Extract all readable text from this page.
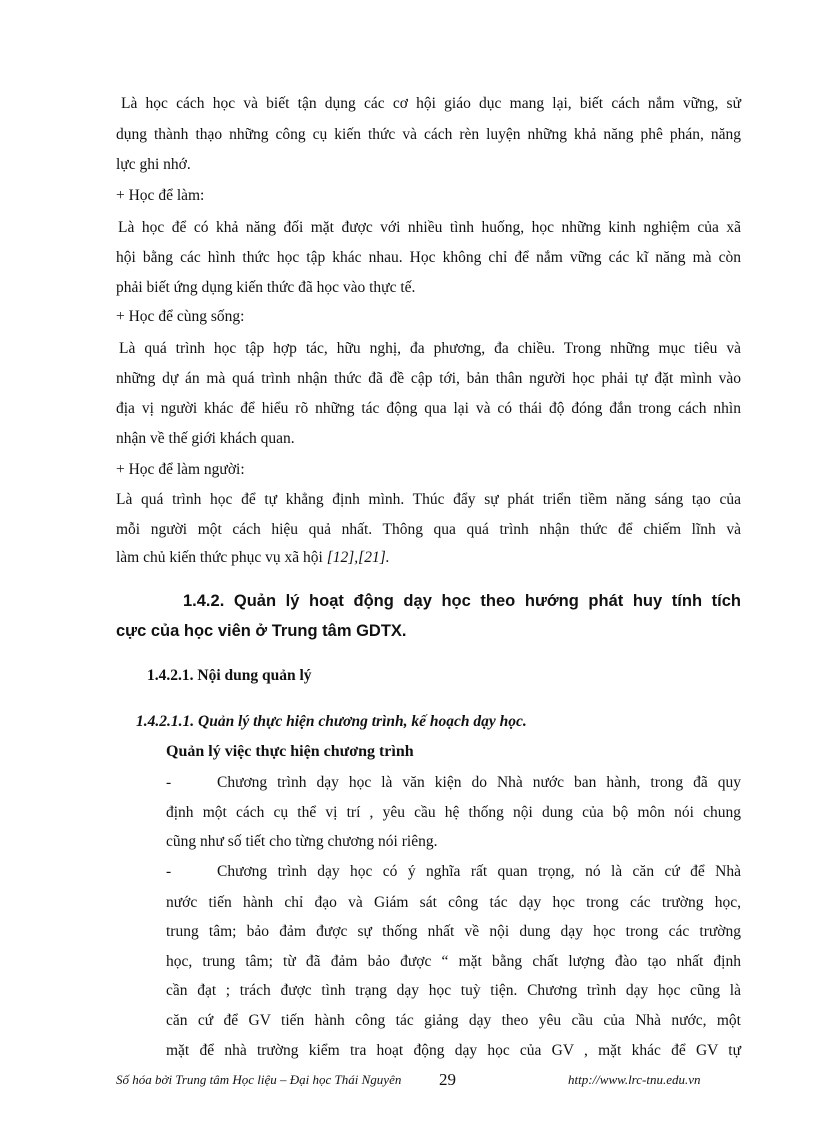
Là học cách học và biết tận dụng các cơ hội giáo dục mang lại, biết cách nắm vững, sử
dụng thành thạo những công cụ kiến thức và cách rèn luyện những khả năng phê phán, năng
lực ghi nhớ.
+ Học để làm:
Là học để có khả năng đối mặt được với nhiều tình huống, học những kinh nghiệm của xã
hội bằng các hình thức học tập khác nhau. Học không chỉ để nắm vững các kĩ năng mà còn
phải biết ứng dụng kiến thức đã học vào thực tế.
+ Học để cùng sống:
Là quá trình học tập hợp tác, hữu nghị, đa phương, đa chiều. Trong những mục tiêu và
những dự án mà quá trình nhận thức đã đề cập tới, bản thân người học phải tự đặt mình vào
địa vị người khác để hiểu rõ những tác động qua lại và có thái độ đóng đắn trong cách nhìn
nhận về thế giới khách quan.
+ Học để làm người:
Là quá trình học để tự khẳng định mình. Thúc đẩy sự phát triển tiềm năng sáng tạo của
mỗi người một cách hiệu quả nhất. Thông qua quá trình nhận thức để chiếm lĩnh và
làm chủ kiến thức phục vụ xã hội [12],[21].
1.4.2. Quản lý hoạt động dạy học theo hướng phát huy tính tích
cực của học viên ở Trung tâm GDTX.
1.4.2.1. Nội dung quản lý
1.4.2.1.1. Quản lý thực hiện chương trình, kế hoạch dạy học.
Quản lý việc thực hiện chương trình
-	Chương trình dạy học là văn kiện do Nhà nước ban hành, trong đã quy
định một cách cụ thể vị trí , yêu cầu hệ thống nội dung của bộ môn nói chung
cũng như số tiết cho từng chương nói riêng.
-	Chương trình dạy học có ý nghĩa rất quan trọng, nó là căn cứ để Nhà
nước tiến hành chỉ đạo và Giám sát công tác dạy học trong các trường học,
trung tâm; bảo đảm được sự thống nhất về nội dung dạy học trong các trường
học, trung tâm; từ đã đảm bảo được “ mặt bằng chất lượng đào tạo nhất định
cần đạt ; trách được tình trạng dạy học tuỳ tiện. Chương trình dạy học cũng là
căn cứ để GV tiến hành công tác giảng dạy theo yêu cầu của Nhà nước, một
mặt để nhà trường kiểm tra hoạt động dạy học của GV , mặt khác để GV tự
Số hóa bởi Trung tâm Học liệu – Đại học Thái Nguyên 29	http://www.lrc-tnu.edu.vn
